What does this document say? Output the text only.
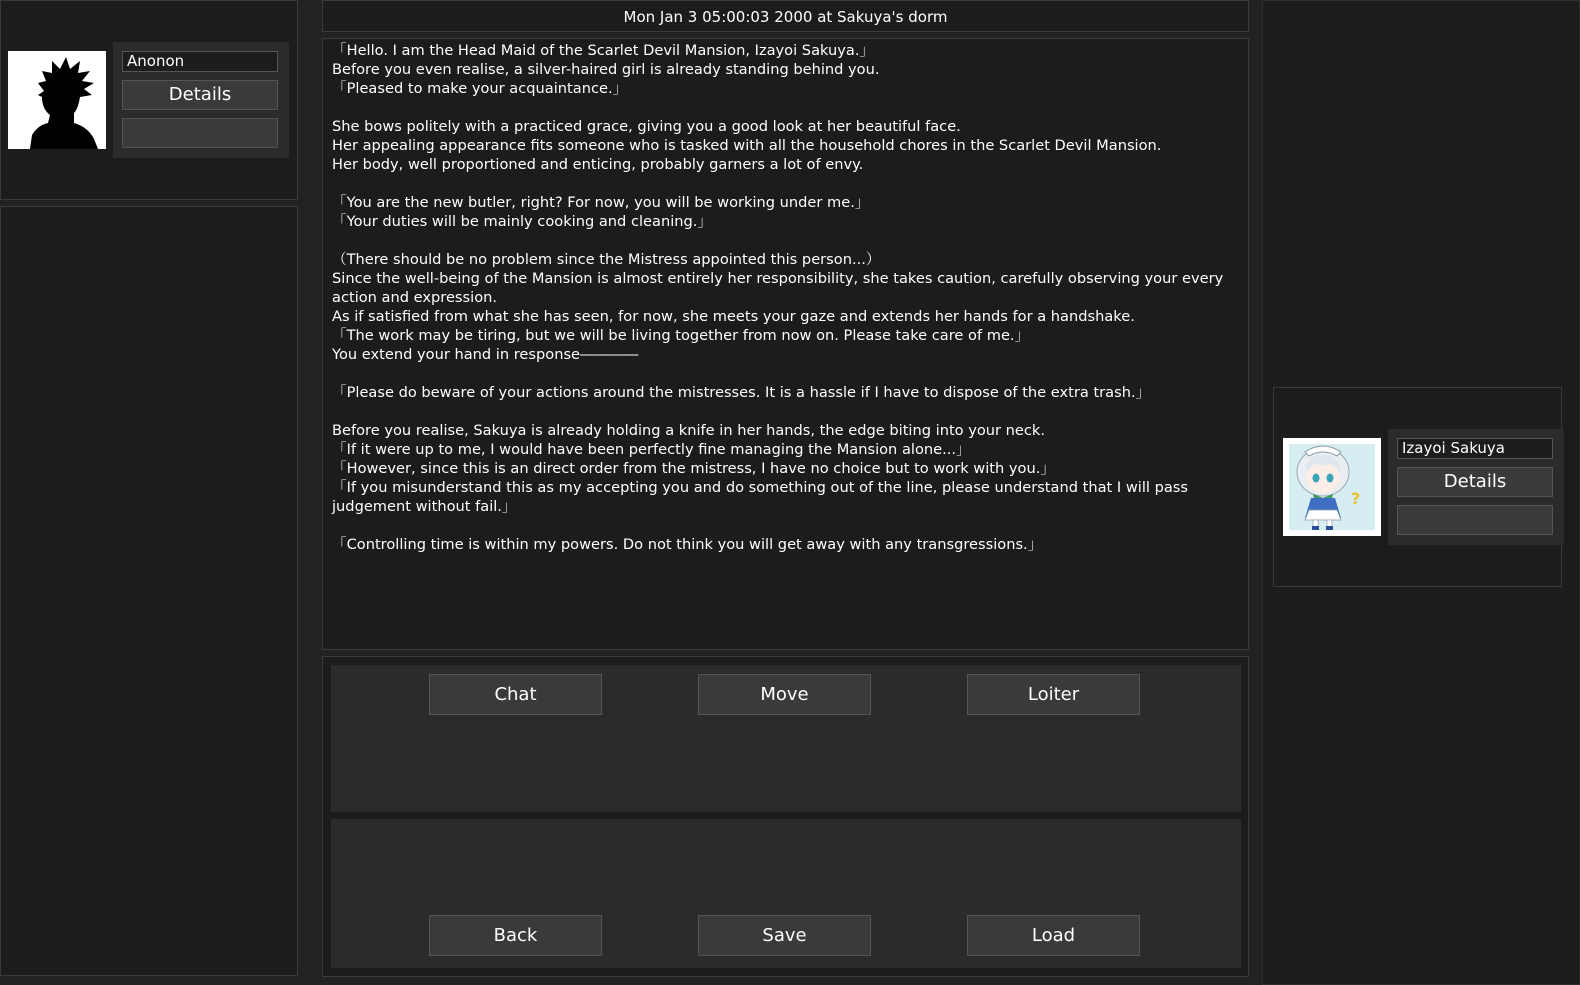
Anonon
Details
Mon Jan 3 05:00:03 2000 at Sakuya's dorm
「Hello. I am the Head Maid of the Scarlet Devil Mansion, Izayoi Sakuya.」
Before you even realise, a silver-haired girl is already standing behind you.
「Pleased to make your acquaintance.」

She bows politely with a practiced grace, giving you a good look at her beautiful face.
Her appealing appearance fits someone who is tasked with all the household chores in the Scarlet Devil Mansion.
Her body, well proportioned and enticing, probably garners a lot of envy.

「You are the new butler, right? For now, you will be working under me.」
「Your duties will be mainly cooking and cleaning.」

（There should be no problem since the Mistress appointed this person...）
Since the well-being of the Mansion is almost entirely her responsibility, she takes caution, carefully observing your every action and expression.
As if satisfied from what she has seen, for now, she meets your gaze and extends her hands for a handshake.
「The work may be tiring, but we will be living together from now on. Please take care of me.」
You extend your hand in response――――

「Please do beware of your actions around the mistresses. It is a hassle if I have to dispose of the extra trash.」

Before you realise, Sakuya is already holding a knife in her hands, the edge biting into your neck.
「If it were up to me, I would have been perfectly fine managing the Mansion alone...」
「However, since this is an direct order from the mistress, I have no choice but to work with you.」
「If you misunderstand this as my accepting you and do something out of the line, please understand that I will pass judgement without fail.」

「Controlling time is within my powers. Do not think you will get away with any transgressions.」
Chat	Move	Loiter
Back	Save	Load
?
Izayoi Sakuya
Details
